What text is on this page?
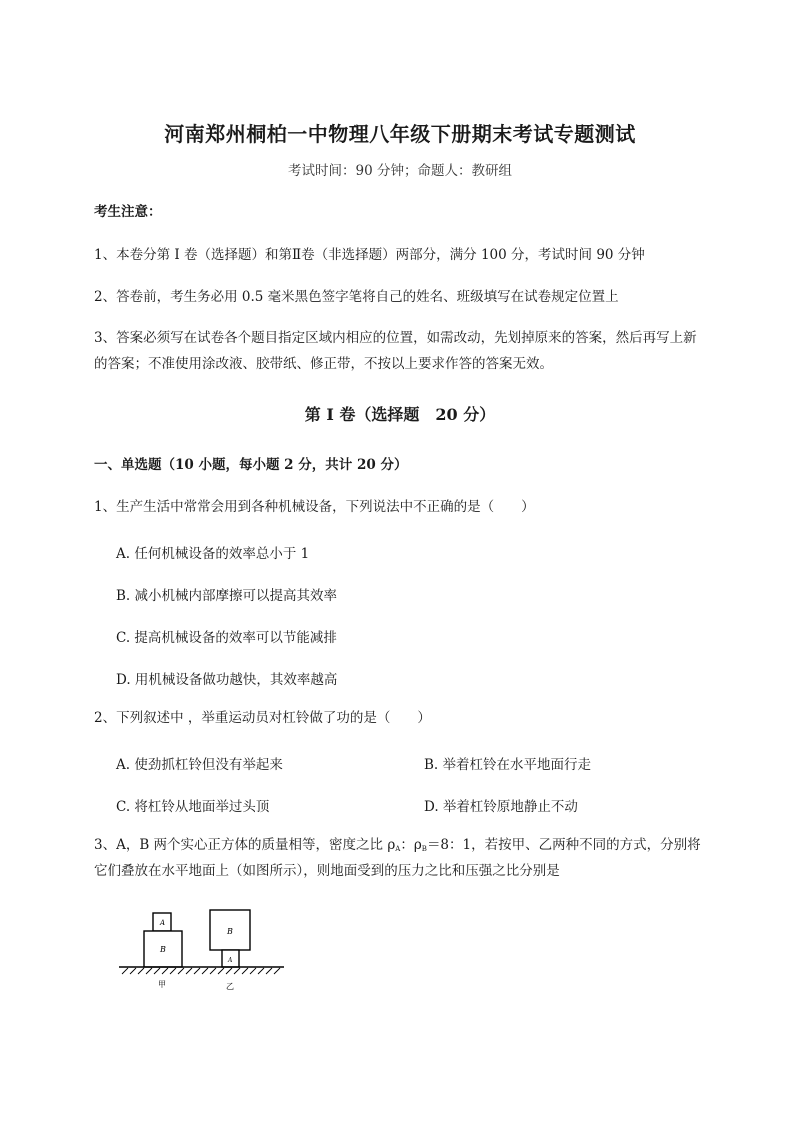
河南郑州桐柏一中物理八年级下册期末考试专题测试
考试时间：90 分钟；命题人：教研组
考生注意：
1、本卷分第 I 卷（选择题）和第Ⅱ卷（非选择题）两部分，满分 100 分，考试时间 90 分钟
2、答卷前，考生务必用 0.5 毫米黑色签字笔将自己的姓名、班级填写在试卷规定位置上
3、答案必须写在试卷各个题目指定区域内相应的位置，如需改动，先划掉原来的答案，然后再写上新
的答案；不准使用涂改液、胶带纸、修正带，不按以上要求作答的答案无效。
第 I 卷（选择题　20 分）
一、单选题（10 小题，每小题 2 分，共计 20 分）
1、生产生活中常常会用到各种机械设备，下列说法中不正确的是（　　）
A. 任何机械设备的效率总小于 1
B. 减小机械内部摩擦可以提高其效率
C. 提高机械设备的效率可以节能减排
D. 用机械设备做功越快，其效率越高
2、下列叙述中 ，举重运动员对杠铃做了功的是（　　）
A. 使劲抓杠铃但没有举起来	B. 举着杠铃在水平地面行走
C. 将杠铃从地面举过头顶	D. 举着杠铃原地静止不动
3、A，B 两个实心正方体的质量相等，密度之比 $\rho_A$：$\rho_B=8$：1，若按甲、乙两种不同的方式，分别将
它们叠放在水平地面上（如图所示），则地面受到的压力之比和压强之比分别是
A
B
B
A
甲	乙
